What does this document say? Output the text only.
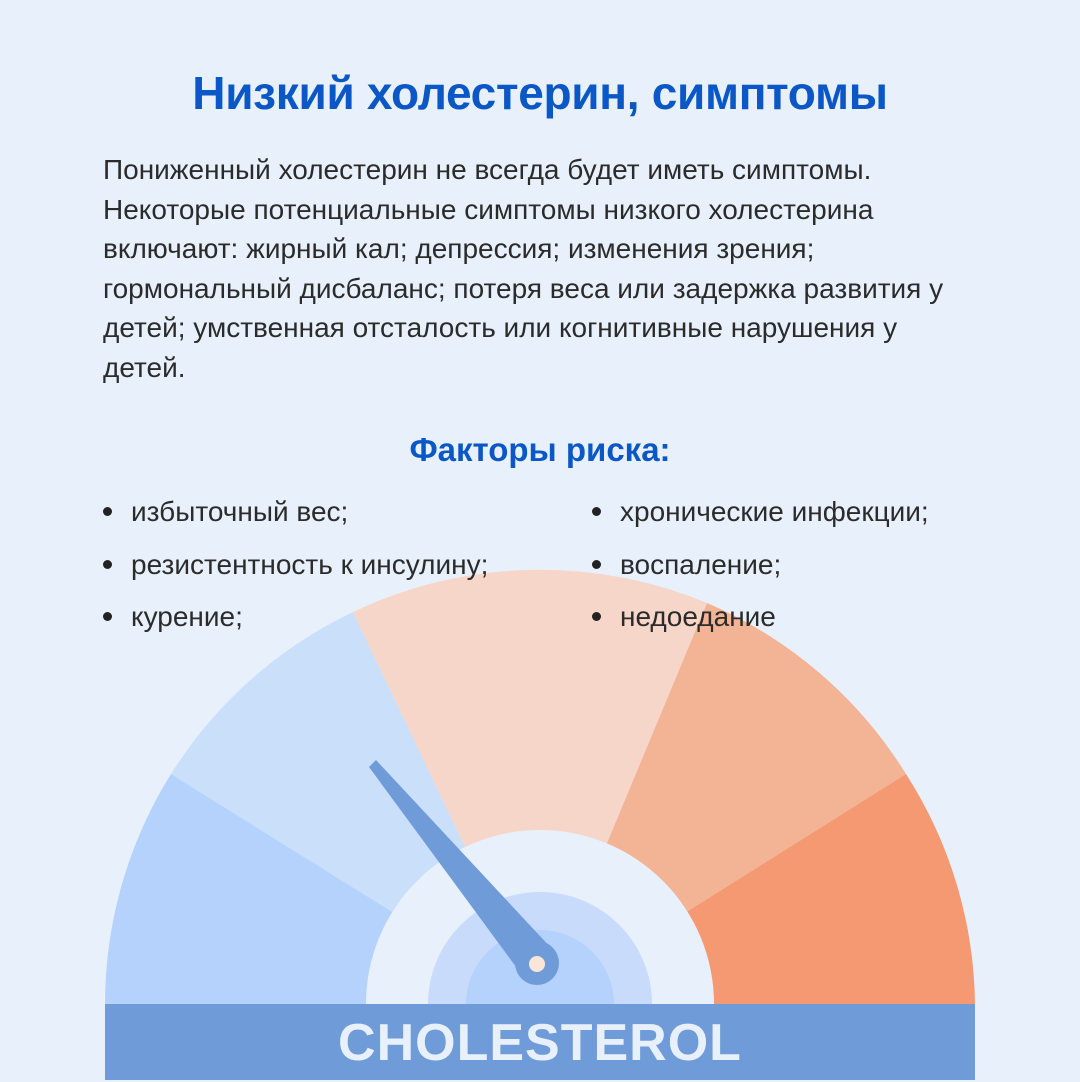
Низкий холестерин, симптомы
Пониженный холестерин не всегда будет иметь симптомы. Некоторые потенциальные симптомы низкого холестерина включают: жирный кал; депрессия; изменения зрения; гормональный дисбаланс; потеря веса или задержка развития у детей; умственная отсталость или когнитивные нарушения у детей.
Факторы риска:
избыточный вес;
резистентность к инсулину;
курение;
хронические инфекции;
воспаление;
недоедание
CHOLESTEROL
